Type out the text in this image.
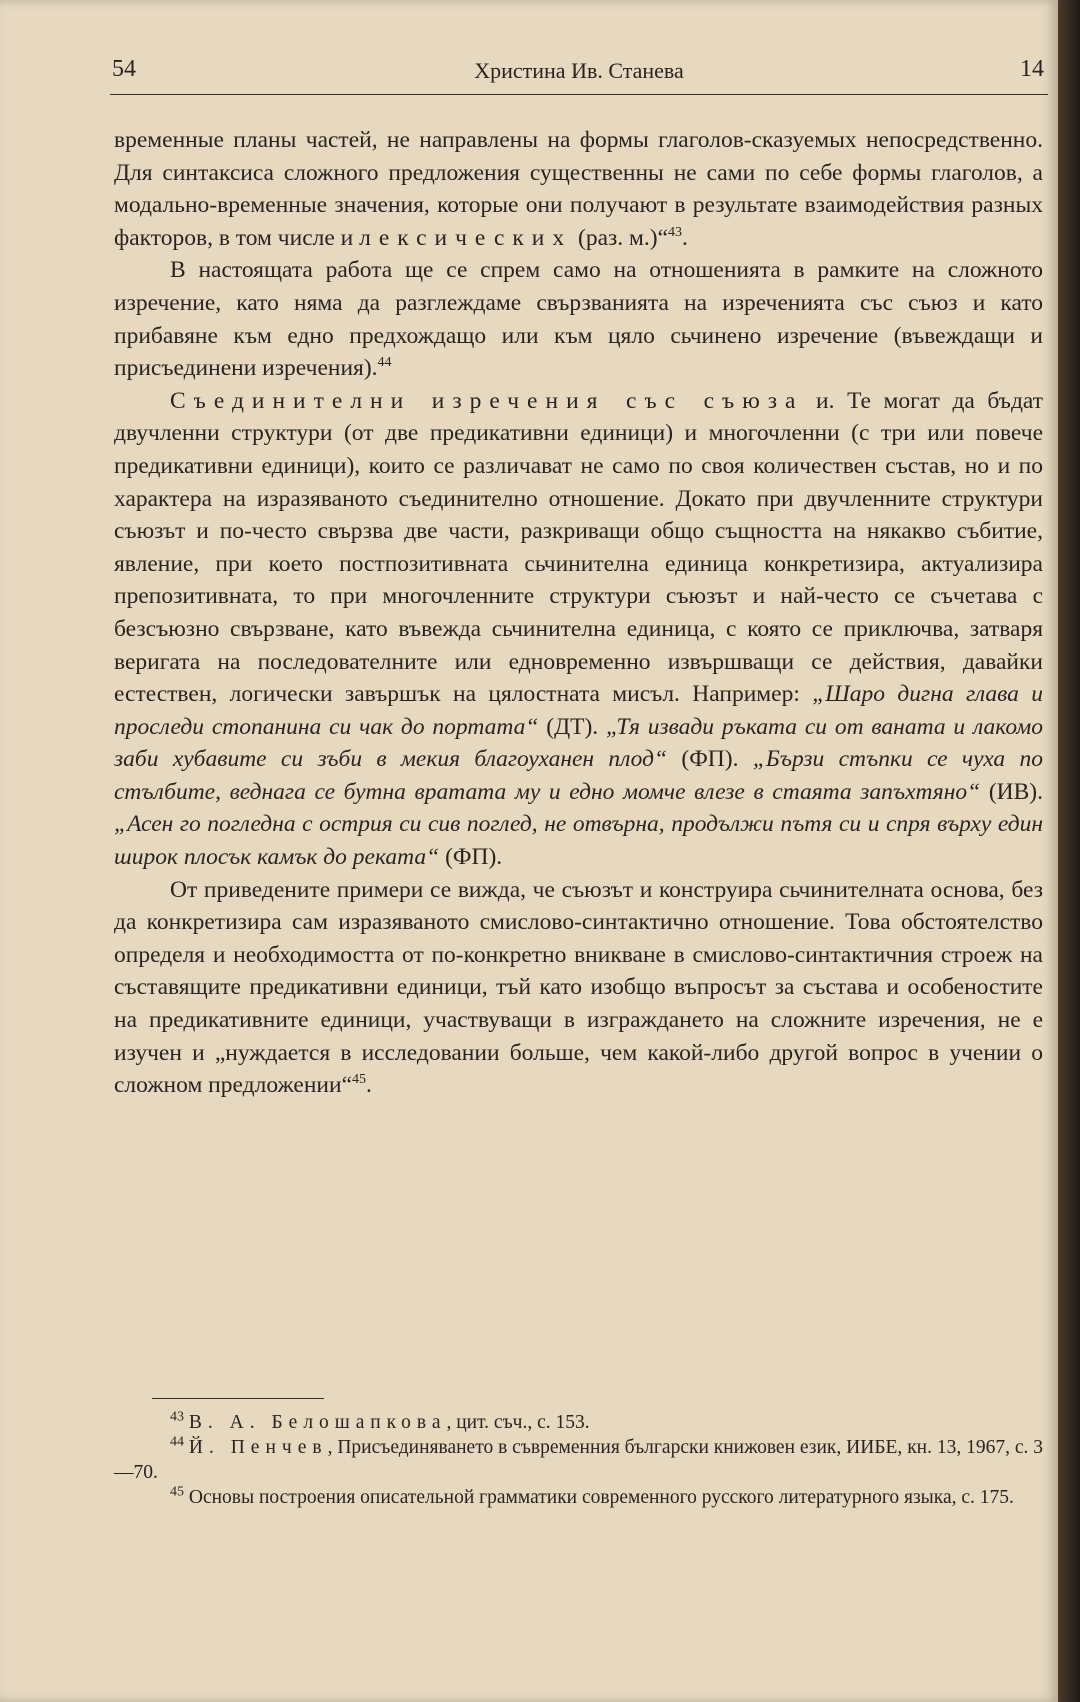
54	Христина Ив. Станева	14

временные планы частей, не направлены на формы глаголов-сказуемых непосредственно. Для синтаксиса сложного предложения существенны не сами по себе формы глаголов, а модально-временные значения, которые они получают в результате взаимодействия разных факторов, в том числе и лексических (раз. м.)“$^{43}$.

В настоящата работа ще се спрем само на отношенията в рамките на сложното изречение, като няма да разглеждаме свързванията на изреченията със съюз и като прибавяне към едно предхождащо или към цяло сьчинено изречение (въвеждащи и присъединени изречения).$^{44}$

Съединителни изречения със съюза и. Те могат да бъдат двучленни структури (от две предикативни единици) и многочленни (с три или повече предикативни единици), които се различават не само по своя количествен състав, но и по характера на изразяваното съединително отношение. Докато при двучленните структури съюзът и по-често свързва две части, разкриващи общо същността на някакво събитие, явление, при което постпозитивната сьчинителна единица конкретизира, актуализира препозитивната, то при многочленните структури съюзът и най-често се съчетава с безсъюзно свързване, като въвежда сьчинителна единица, с която се приключва, затваря веригата на последователните или едновременно извършващи се действия, давайки естествен, логически завършък на цялостната мисъл. Например: „Шаро дигна глава и проследи стопанина си чак до портата“ (ДТ). „Тя извади ръката си от ваната и лакомо заби хубавите си зъби в мекия благоуханен плод“ (ФП). „Бързи стъпки се чуха по стълбите, веднага се бутна вратата му и едно момче влезе в стаята запъхтяно“ (ИВ). „Асен го погледна с острия си сив поглед, не отвърна, продължи пътя си и спря върху един широк плосък камък до реката“ (ФП).

От приведените примери се вижда, че съюзът и конструира сьчинителната основа, без да конкретизира сам изразяваното смислово-синтактично отношение. Това обстоятелство определя и необходимостта от по-конкретно вникване в смислово-синтактичния строеж на съставящите предикативни единици, тъй като изобщо въпросът за състава и особеностите на предикативните единици, участвуващи в изграждането на сложните изречения, не е изучен и „нуждается в исследовании больше, чем какой-либо другой вопрос в учении о сложном предложении“$^{45}$.

$^{43}$ В. А. Белошапкова, цит. съч., с. 153.

$^{44}$ Й. Пенчев, Присъединяването в съвременния български книжовен език, ИИБЕ, кн. 13, 1967, с. 3—70.

$^{45}$ Основы построения описательной грамматики современного русского литературного языка, с. 175.
